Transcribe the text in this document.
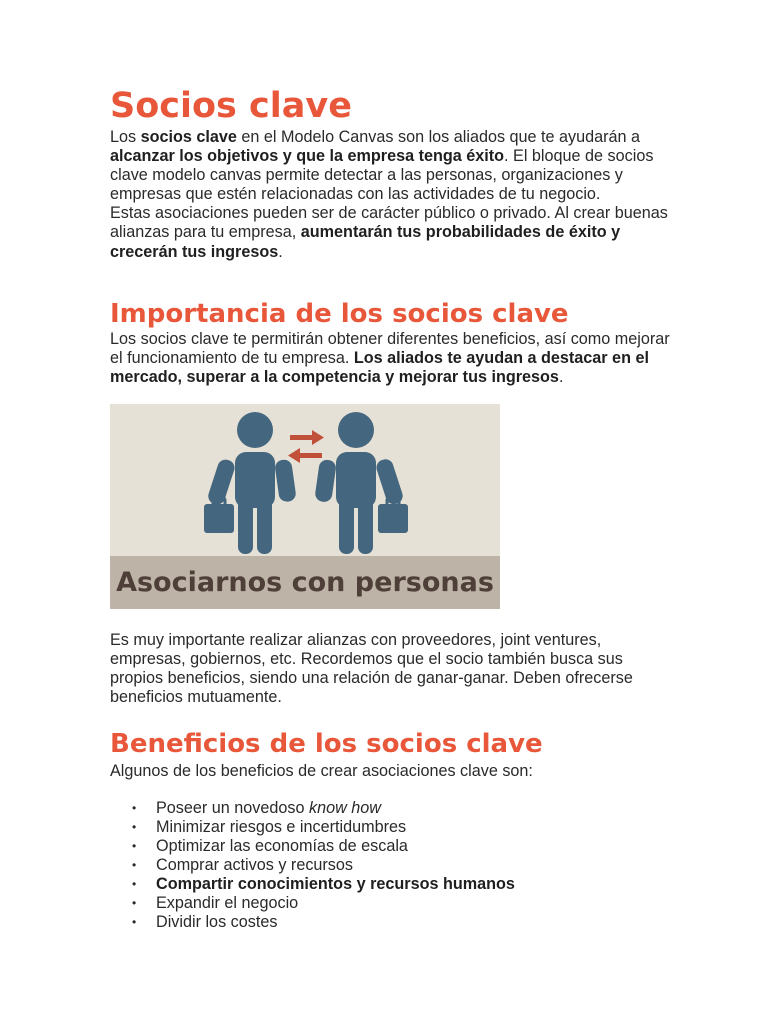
Socios clave

Los socios clave en el Modelo Canvas son los aliados que te ayudarán a alcanzar los objetivos y que la empresa tenga éxito. El bloque de socios clave modelo canvas permite detectar a las personas, organizaciones y empresas que estén relacionadas con las actividades de tu negocio.
Estas asociaciones pueden ser de carácter público o privado. Al crear buenas alianzas para tu empresa, aumentarán tus probabilidades de éxito y crecerán tus ingresos.

Importancia de los socios clave

Los socios clave te permitirán obtener diferentes beneficios, así como mejorar el funcionamiento de tu empresa. Los aliados te ayudan a destacar en el mercado, superar a la competencia y mejorar tus ingresos.

Asociarnos con personas

Es muy importante realizar alianzas con proveedores, joint ventures, empresas, gobiernos, etc. Recordemos que el socio también busca sus propios beneficios, siendo una relación de ganar-ganar. Deben ofrecerse beneficios mutuamente.

Beneficios de los socios clave

Algunos de los beneficios de crear asociaciones clave son:

• Poseer un novedoso know how
• Minimizar riesgos e incertidumbres
• Optimizar las economías de escala
• Comprar activos y recursos
• Compartir conocimientos y recursos humanos
• Expandir el negocio
• Dividir los costes
